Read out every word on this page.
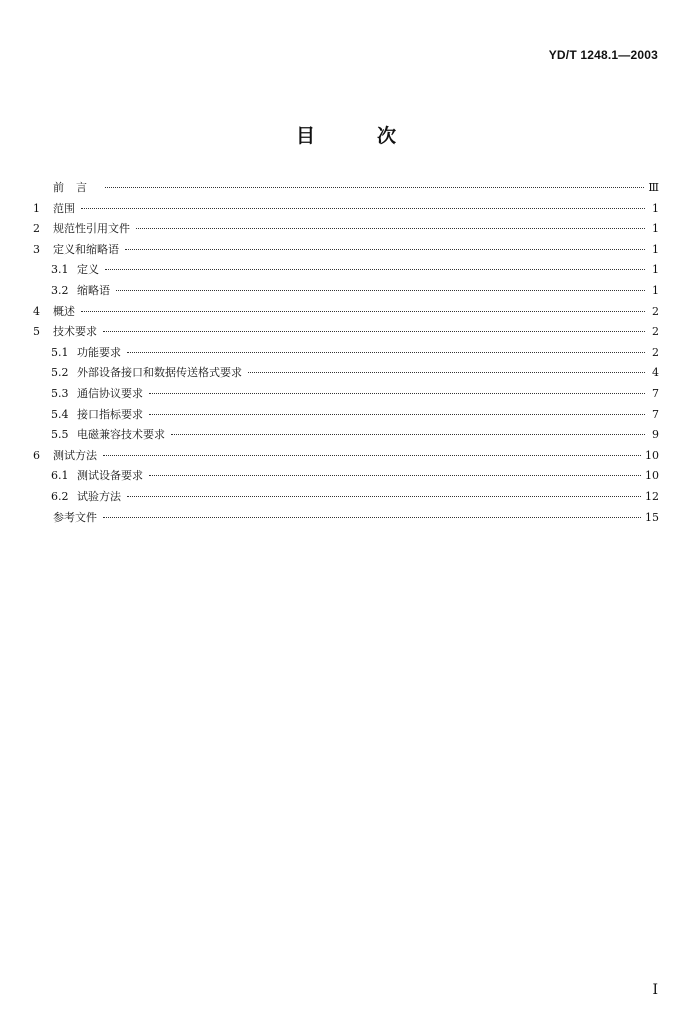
YD/T 1248.1—2003
目次
前言	Ⅲ
1	范围	1
2	规范性引用文件	1
3	定义和缩略语	1
3.1 定义	1
3.2 缩略语	1
4	概述	2
5	技术要求	2
5.1 功能要求	2
5.2 外部设备接口和数据传送格式要求	4
5.3 通信协议要求	7
5.4 接口指标要求	7
5.5 电磁兼容技术要求	9
6	测试方法	10
6.1 测试设备要求	10
6.2 试验方法	12
参考文件	15
I
